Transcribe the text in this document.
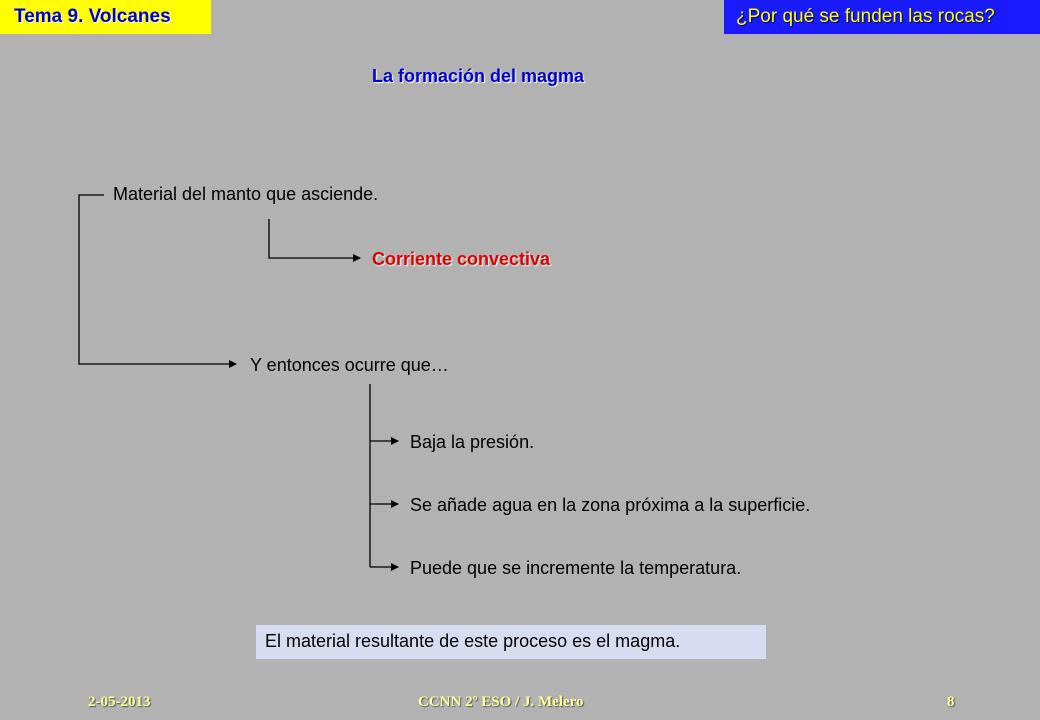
Tema 9. Volcanes	¿Por qué se funden las rocas?
La formación del magma
Material del manto que asciende.
Corriente convectiva
Y entonces ocurre que…
Baja la presión.
Se añade agua en la zona próxima a la superficie.
Puede que se incremente la temperatura.
El material resultante de este proceso es el magma.
2-05-2013	CCNN 2º ESO / J. Melero	8
